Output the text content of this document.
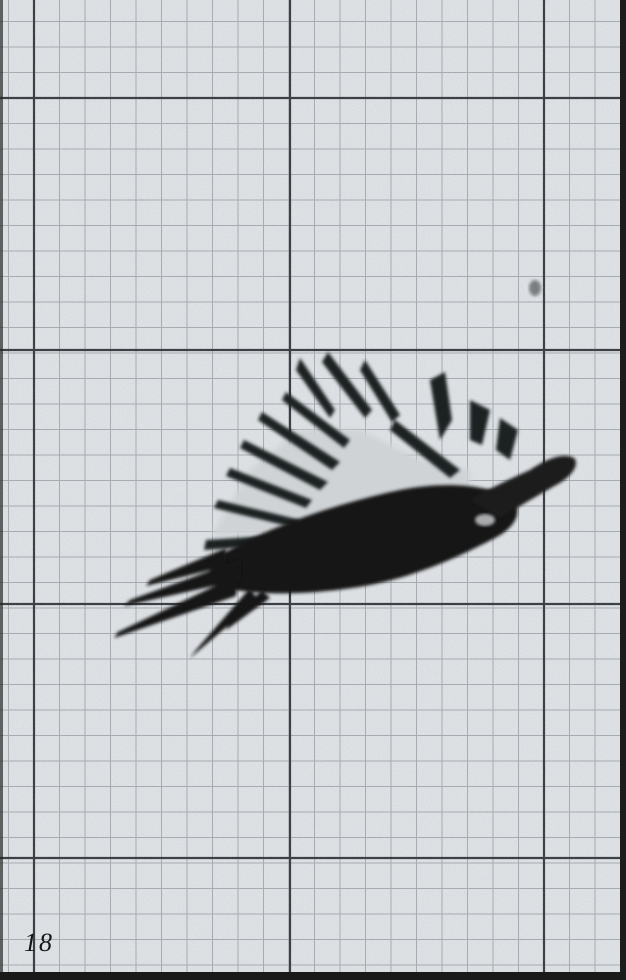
18
